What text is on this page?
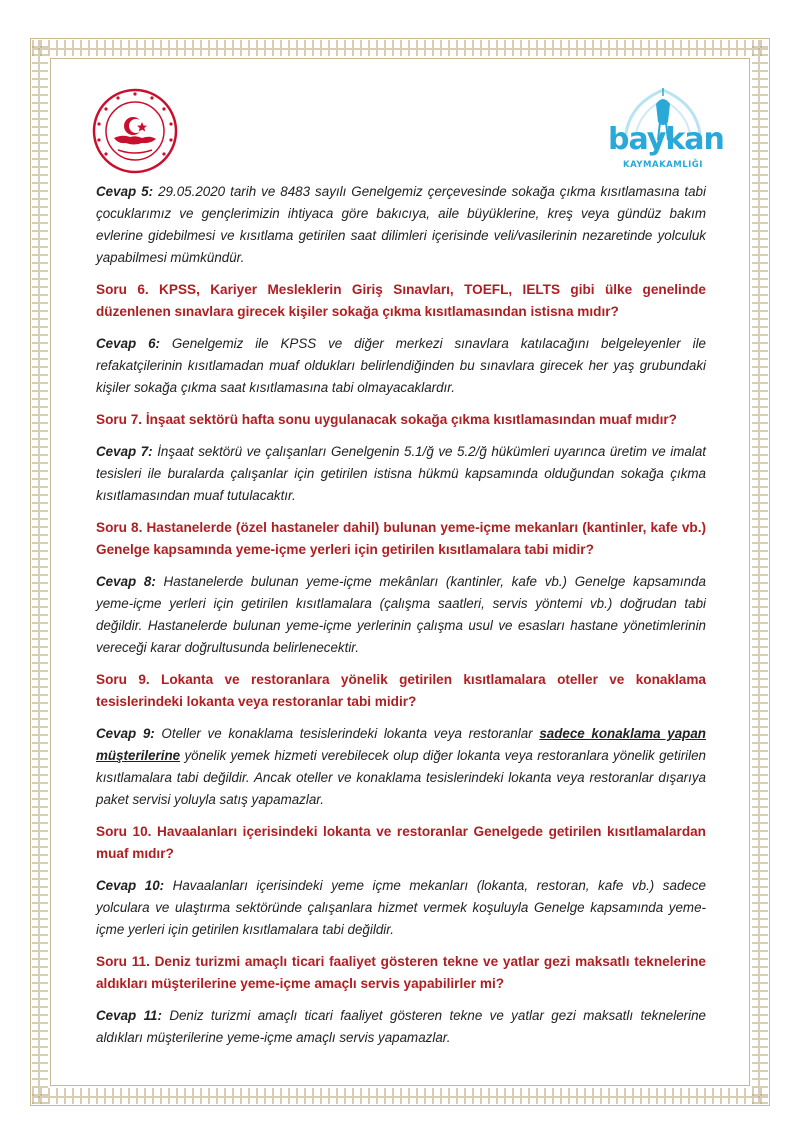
baykan
KAYMAKAMLIĞI

Cevap 5: 29.05.2020 tarih ve 8483 sayılı Genelgemiz çerçevesinde sokağa çıkma kısıtlamasına tabi çocuklarımız ve gençlerimizin ihtiyaca göre bakıcıya, aile büyüklerine, kreş veya gündüz bakım evlerine gidebilmesi ve kısıtlama getirilen saat dilimleri içerisinde veli/vasilerinin nezaretinde yolculuk yapabilmesi mümkündür.

Soru 6. KPSS, Kariyer Mesleklerin Giriş Sınavları, TOEFL, IELTS gibi ülke genelinde düzenlenen sınavlara girecek kişiler sokağa çıkma kısıtlamasından istisna mıdır?

Cevap 6: Genelgemiz ile KPSS ve diğer merkezi sınavlara katılacağını belgeleyenler ile refakatçilerinin kısıtlamadan muaf oldukları belirlendiğinden bu sınavlara girecek her yaş grubundaki kişiler sokağa çıkma saat kısıtlamasına tabi olmayacaklardır.

Soru 7. İnşaat sektörü hafta sonu uygulanacak sokağa çıkma kısıtlamasından muaf mıdır?

Cevap 7: İnşaat sektörü ve çalışanları Genelgenin 5.1/ğ ve 5.2/ğ hükümleri uyarınca üretim ve imalat tesisleri ile buralarda çalışanlar için getirilen istisna hükmü kapsamında olduğundan sokağa çıkma kısıtlamasından muaf tutulacaktır.

Soru 8. Hastanelerde (özel hastaneler dahil) bulunan yeme-içme mekanları (kantinler, kafe vb.) Genelge kapsamında yeme-içme yerleri için getirilen kısıtlamalara tabi midir?

Cevap 8: Hastanelerde bulunan yeme-içme mekânları (kantinler, kafe vb.) Genelge kapsamında yeme-içme yerleri için getirilen kısıtlamalara (çalışma saatleri, servis yöntemi vb.) doğrudan tabi değildir. Hastanelerde bulunan yeme-içme yerlerinin çalışma usul ve esasları hastane yönetimlerinin vereceği karar doğrultusunda belirlenecektir.

Soru 9. Lokanta ve restoranlara yönelik getirilen kısıtlamalara oteller ve konaklama tesislerindeki lokanta veya restoranlar tabi midir?

Cevap 9: Oteller ve konaklama tesislerindeki lokanta veya restoranlar sadece konaklama yapan müşterilerine yönelik yemek hizmeti verebilecek olup diğer lokanta veya restoranlara yönelik getirilen kısıtlamalara tabi değildir. Ancak oteller ve konaklama tesislerindeki lokanta veya restoranlar dışarıya paket servisi yoluyla satış yapamazlar.

Soru 10. Havaalanları içerisindeki lokanta ve restoranlar Genelgede getirilen kısıtlamalardan muaf mıdır?

Cevap 10: Havaalanları içerisindeki yeme içme mekanları (lokanta, restoran, kafe vb.) sadece yolculara ve ulaştırma sektöründe çalışanlara hizmet vermek koşuluyla Genelge kapsamında yeme-içme yerleri için getirilen kısıtlamalara tabi değildir.

Soru 11. Deniz turizmi amaçlı ticari faaliyet gösteren tekne ve yatlar gezi maksatlı teknelerine aldıkları müşterilerine yeme-içme amaçlı servis yapabilirler mi?

Cevap 11: Deniz turizmi amaçlı ticari faaliyet gösteren tekne ve yatlar gezi maksatlı teknelerine aldıkları müşterilerine yeme-içme amaçlı servis yapamazlar.
